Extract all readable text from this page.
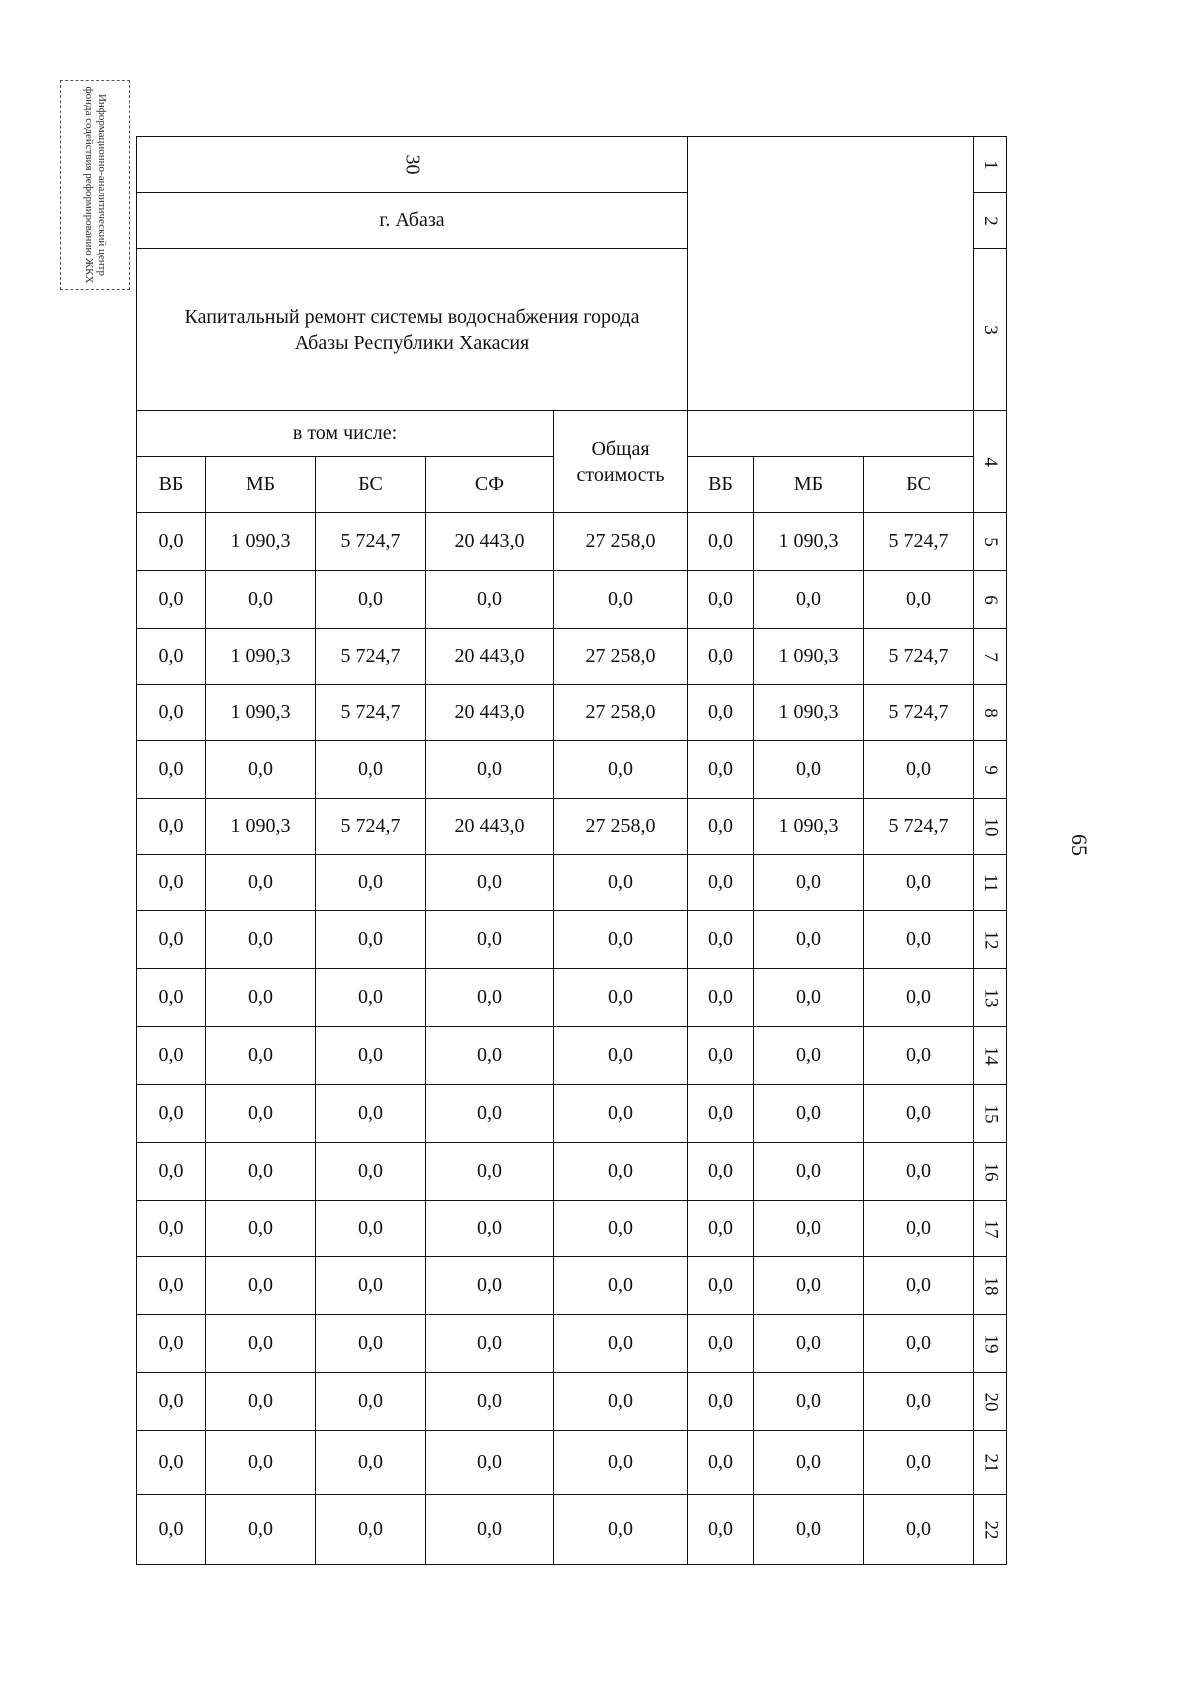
Информационно-аналитический центр
фонда содействия реформированию ЖКХ
30								1
г. Абаза								2
Капитальный ремонт системы водоснабжения города Абазы Республики Хакасия								3
в том числе:				Общая стоимость				4
ВБ	МБ	БС	СФ		ВБ	МБ	БС	
0,0	1 090,3	5 724,7	20 443,0	27 258,0	0,0	1 090,3	5 724,7	5
0,0	0,0	0,0	0,0	0,0	0,0	0,0	0,0	6
0,0	1 090,3	5 724,7	20 443,0	27 258,0	0,0	1 090,3	5 724,7	7
0,0	1 090,3	5 724,7	20 443,0	27 258,0	0,0	1 090,3	5 724,7	8
0,0	0,0	0,0	0,0	0,0	0,0	0,0	0,0	9
0,0	1 090,3	5 724,7	20 443,0	27 258,0	0,0	1 090,3	5 724,7	10
0,0	0,0	0,0	0,0	0,0	0,0	0,0	0,0	11
0,0	0,0	0,0	0,0	0,0	0,0	0,0	0,0	12
0,0	0,0	0,0	0,0	0,0	0,0	0,0	0,0	13
0,0	0,0	0,0	0,0	0,0	0,0	0,0	0,0	14
0,0	0,0	0,0	0,0	0,0	0,0	0,0	0,0	15
0,0	0,0	0,0	0,0	0,0	0,0	0,0	0,0	16
0,0	0,0	0,0	0,0	0,0	0,0	0,0	0,0	17
0,0	0,0	0,0	0,0	0,0	0,0	0,0	0,0	18
0,0	0,0	0,0	0,0	0,0	0,0	0,0	0,0	19
0,0	0,0	0,0	0,0	0,0	0,0	0,0	0,0	20
0,0	0,0	0,0	0,0	0,0	0,0	0,0	0,0	21
0,0	0,0	0,0	0,0	0,0	0,0	0,0	0,0	22
65
